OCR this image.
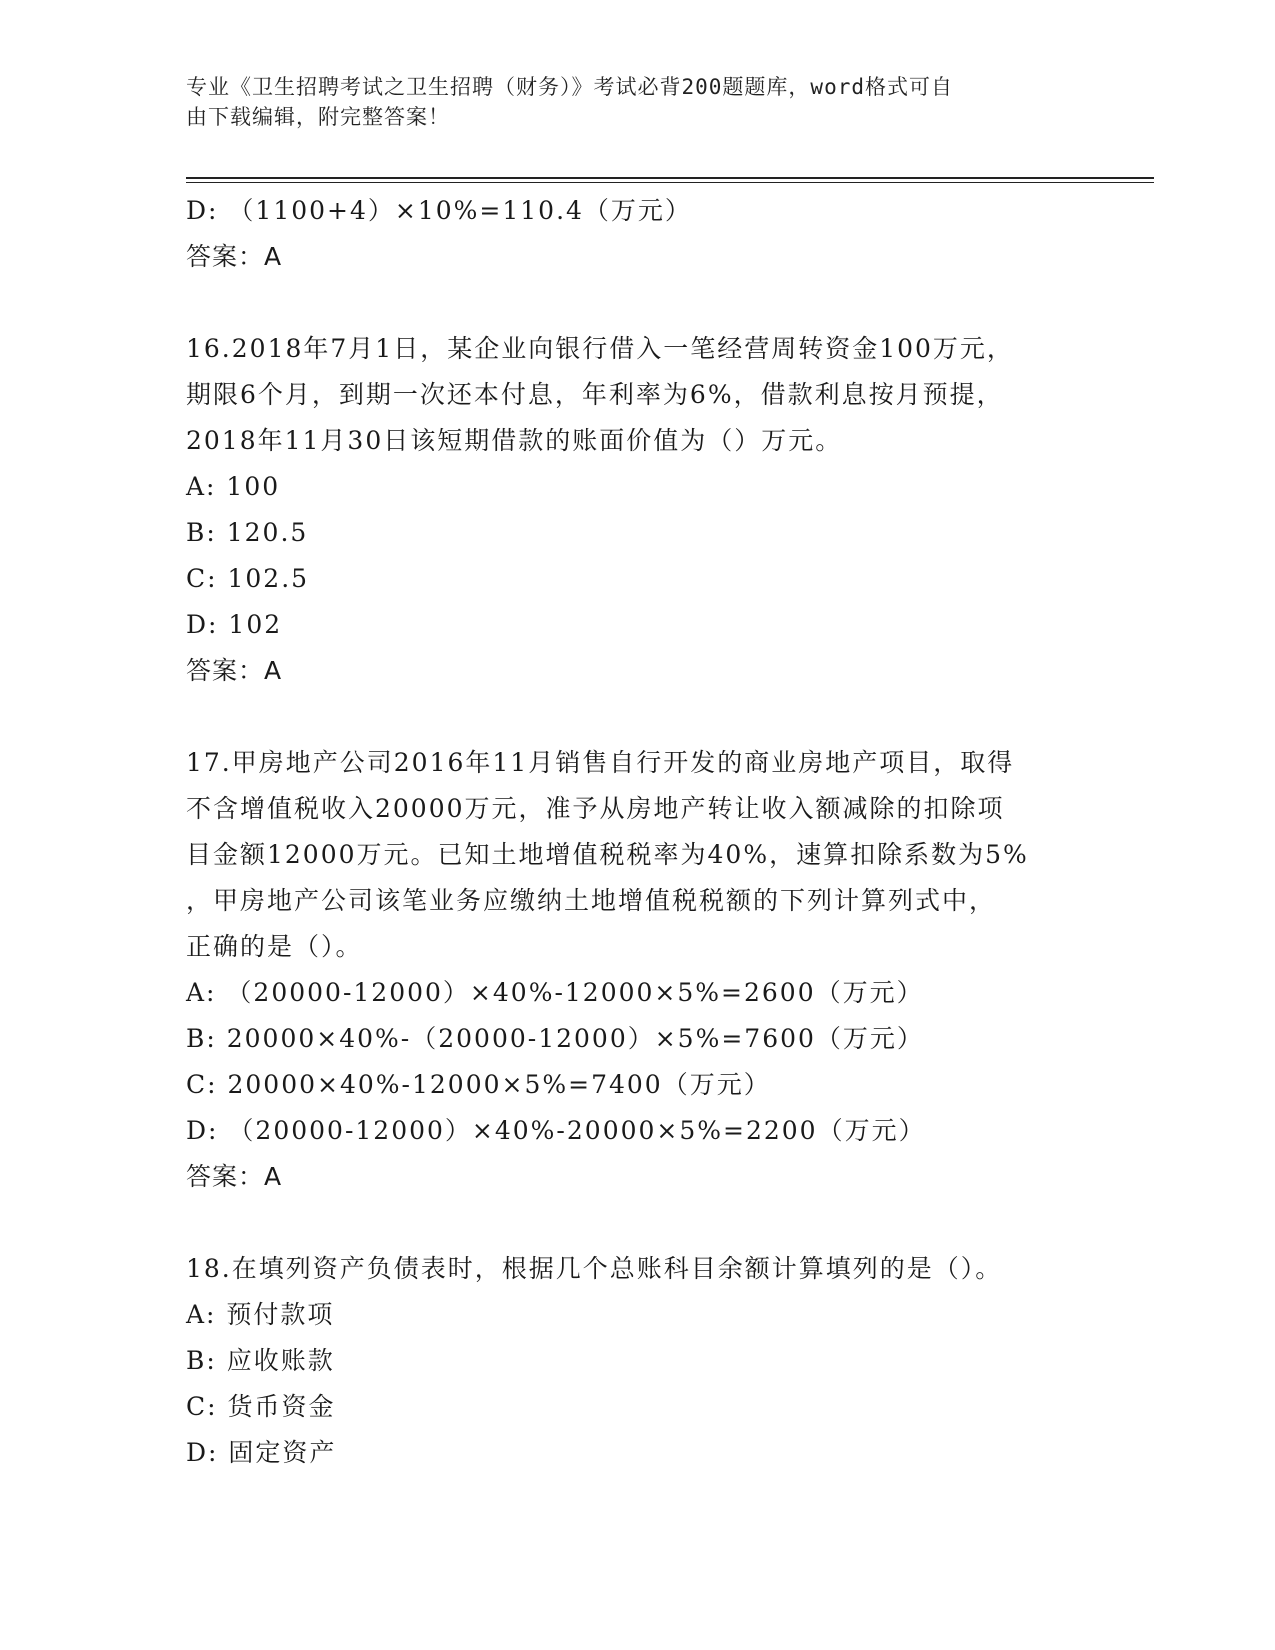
专业《卫生招聘考试之卫生招聘（财务）》考试必背200题题库，word格式可自
由下载编辑，附完整答案！
D: （1100+4）×10%=110.4（万元）
答案：A
16.2018年7月1日，某企业向银行借入一笔经营周转资金100万元，
期限6个月，到期一次还本付息，年利率为6%，借款利息按月预提，
2018年11月30日该短期借款的账面价值为（）万元。
A: 100
B: 120.5
C: 102.5
D: 102
答案：A
17.甲房地产公司2016年11月销售自行开发的商业房地产项目，取得
不含增值税收入20000万元，准予从房地产转让收入额减除的扣除项
目金额12000万元。已知土地增值税税率为40%，速算扣除系数为5%
，甲房地产公司该笔业务应缴纳土地增值税税额的下列计算列式中，
正确的是（）。
A: （20000-12000）×40%-12000×5%=2600（万元）
B: 20000×40%-（20000-12000）×5%=7600（万元）
C: 20000×40%-12000×5%=7400（万元）
D: （20000-12000）×40%-20000×5%=2200（万元）
答案：A
18.在填列资产负债表时，根据几个总账科目余额计算填列的是（）。
A: 预付款项
B: 应收账款
C: 货币资金
D: 固定资产
